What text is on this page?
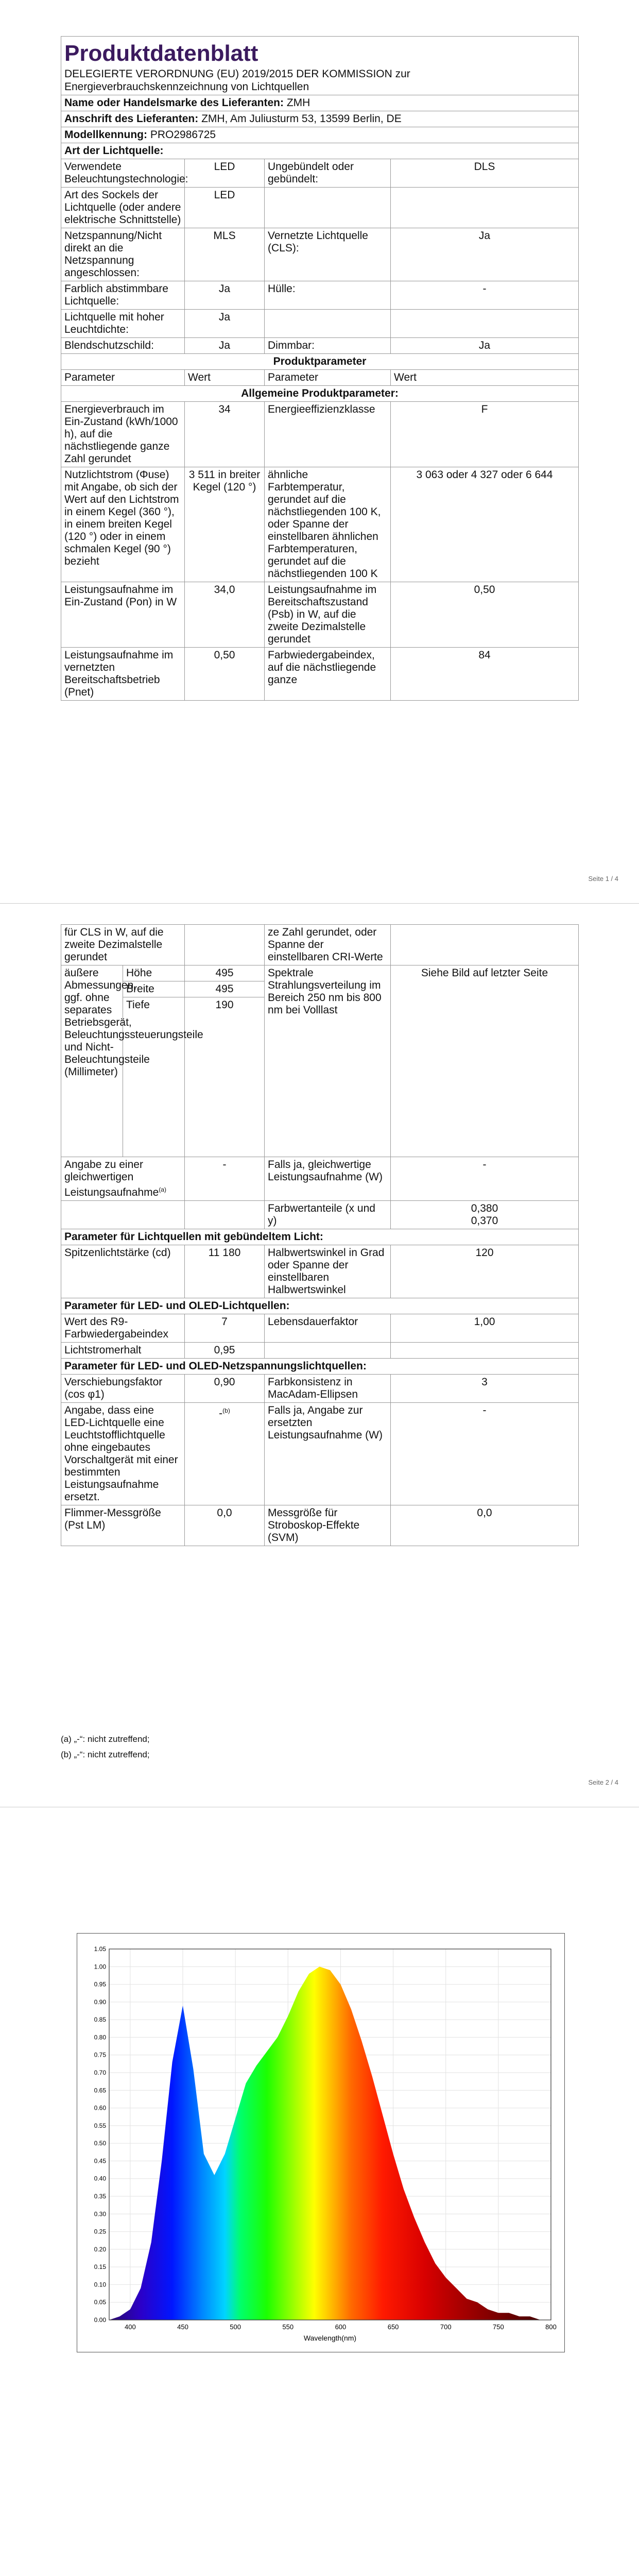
Produktdatenblatt
DELEGIERTE VERORDNUNG (EU) 2019/2015 DER KOMMISSION zur Energieverbrauchskennzeichnung von Lichtquellen			

Name oder Handelsmarke des Lieferanten: ZMH			
Anschrift des Lieferanten: ZMH, Am Juliusturm 53, 13599 Berlin, DE			
Modellkennung: PRO2986725			
Art der Lichtquelle:			
Verwendete Beleuchtungstechnologie:	LED	Ungebündelt oder gebündelt:	DLS
Art des Sockels der Lichtquelle (oder andere elektrische Schnittstelle)	LED		
Netzspannung/Nicht direkt an die Netzspannung angeschlossen:	MLS	Vernetzte Lichtquelle (CLS):	Ja
Farblich abstimmbare Lichtquelle:	Ja	Hülle:	-
Lichtquelle mit hoher Leuchtdichte:	Ja		
Blendschutzschild:	Ja	Dimmbar:	Ja
Produktparameter			
Parameter	Wert	Parameter	Wert
Allgemeine Produktparameter:			
Energieverbrauch im Ein-Zustand (kWh/1000 h), auf die nächstliegende ganze Zahl gerundet	34	Energieeffizienzklasse	F
Nutzlichtstrom (Φuse) mit Angabe, ob sich der Wert auf den Lichtstrom in einem Kegel (360 °), in einem breiten Kegel (120 °) oder in einem schmalen Kegel (90 °) bezieht	3 511 in breiter Kegel (120 °)	ähnliche Farbtemperatur, gerundet auf die nächstliegenden 100 K, oder Spanne der einstellbaren ähnlichen Farbtemperaturen, gerundet auf die nächstliegenden 100 K	3 063 oder 4 327 oder 6 644
Leistungsaufnahme im Ein-Zustand (Pon) in W	34,0	Leistungsaufnahme im Bereitschaftszustand (Psb) in W, auf die zweite Dezimalstelle gerundet	0,50
Leistungsaufnahme im vernetzten Bereitschaftsbetrieb (Pnet)	0,50	Farbwiedergabeindex, auf die nächstliegende ganze	84
Seite 1 / 4
für CLS in W, auf die zweite Dezimalstelle gerundet			ze Zahl gerundet, oder Spanne der einstellbaren CRI-Werte	
äußere Abmessungen, ggf. ohne separates Betriebsgerät, Beleuchtungssteuerungsteile und Nicht-Beleuchtungsteile (Millimeter)	Höhe	495	Spektrale Strahlungsverteilung im Bereich 250 nm bis 800 nm bei Volllast	Siehe Bild auf letzter Seite
	Breite	495		
	Tiefe	190		
Angabe zu einer gleichwertigen Leistungsaufnahme$^{(a)}$		-	Falls ja, gleichwertige Leistungsaufnahme (W)	-
			Farbwertanteile (x und y)	0,380
0,370
Parameter für Lichtquellen mit gebündeltem Licht:				
Spitzenlichtstärke (cd)		11 180	Halbwertswinkel in Grad oder Spanne der einstellbaren Halbwertswinkel	120
Parameter für LED- und OLED-Lichtquellen:				
Wert des R9-Farbwiedergabeindex		7	Lebensdauerfaktor	1,00
Lichtstromerhalt		0,95		
Parameter für LED- und OLED-Netzspannungslichtquellen:				
Verschiebungsfaktor (cos φ1)		0,90	Farbkonsistenz in MacAdam-Ellipsen	3
Angabe, dass eine LED-Lichtquelle eine Leuchtstofflichtquelle ohne eingebautes Vorschaltgerät mit einer bestimmten Leistungsaufnahme ersetzt.		-$^{(b)}$	Falls ja, Angabe zur ersetzten Leistungsaufnahme (W)	-
Flimmer-Messgröße (Pst LM)		0,0	Messgröße für Stroboskop-Effekte (SVM)	0,0
(a) „-“: nicht zutreffend;
(b) „-“: nicht zutreffend;
Seite 2 / 4
0.00
0.05
0.10
0.15
0.20
0.25
0.30
0.35
0.40
0.45
0.50
0.55
0.60
0.65
0.70
0.75
0.80
0.85
0.90
0.95
1.00
1.05
400	450	500	550	600	650	700	750	800
Wavelength(nm)
